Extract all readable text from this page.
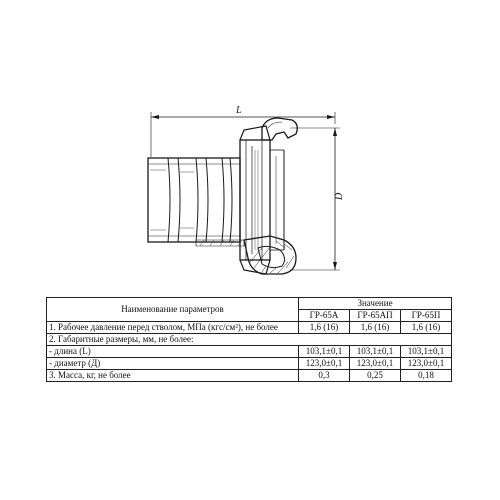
L
D
Наименование параметров	Значение		
	ГР-65А	ГР-65АП	ГР-65П
1. Рабочее давление перед стволом, МПа (кгс/см²), не более	1,6 (16)	1,6 (16)	1,6 (16)
2. Габаритные размеры, мм, не более:			
- длина (L)	103,1±0,1	103,1±0,1	103,1±0,1
- диаметр (Д)	123,0±0,1	123,0±0,1	123,0±0,1
3. Масса, кг, не более	0,3	0,25	0,18
